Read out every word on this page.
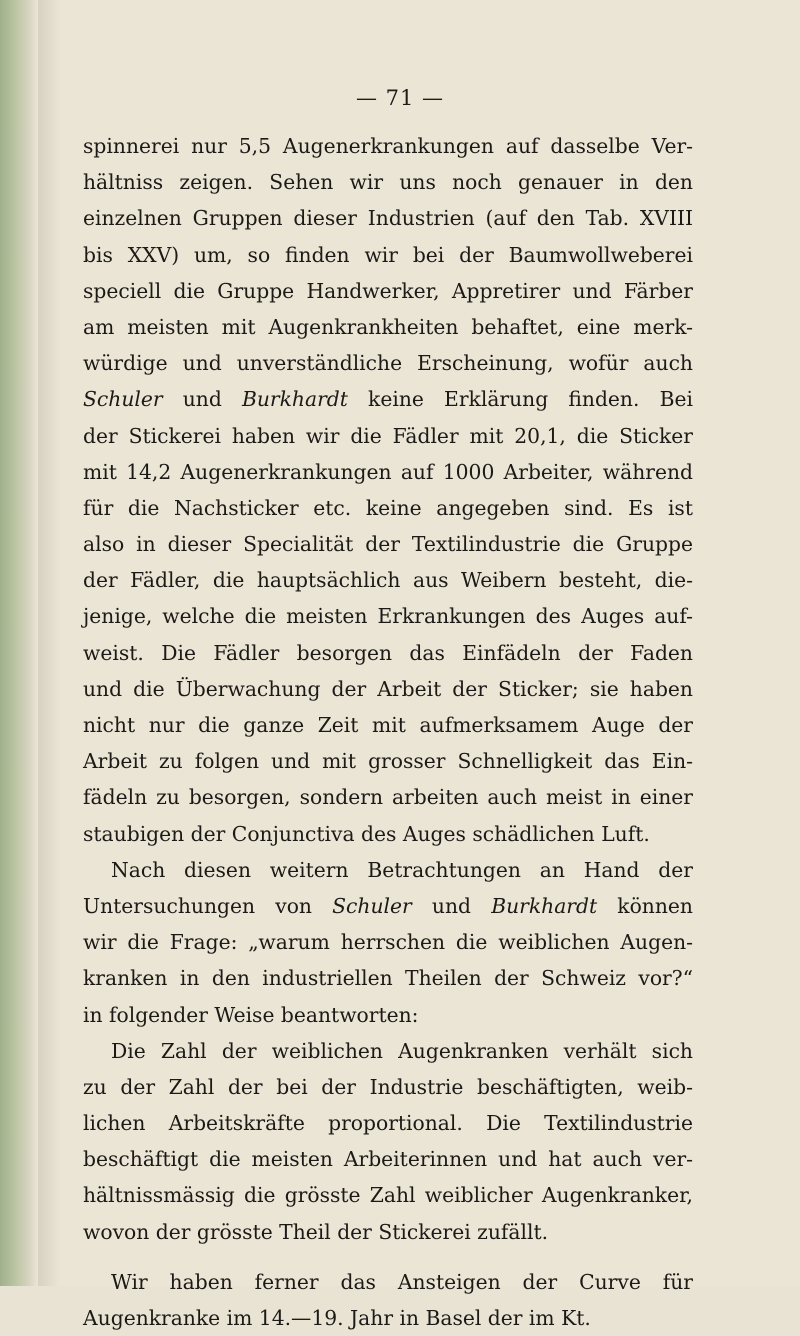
— 71 —
spinnerei nur 5,5 Augenerkrankungen auf dasselbe Ver-
hältniss zeigen. Sehen wir uns noch genauer in den
einzelnen Gruppen dieser Industrien (auf den Tab. XVIII
bis XXV) um, so finden wir bei der Baumwollweberei
speciell die Gruppe Handwerker, Appretirer und Färber
am meisten mit Augenkrankheiten behaftet, eine merk-
würdige und unverständliche Erscheinung, wofür auch
Schuler und Burkhardt keine Erklärung finden. Bei
der Stickerei haben wir die Fädler mit 20,1, die Sticker
mit 14,2 Augenerkrankungen auf 1000 Arbeiter, während
für die Nachsticker etc. keine angegeben sind. Es ist
also in dieser Specialität der Textilindustrie die Gruppe
der Fädler, die hauptsächlich aus Weibern besteht, die-
jenige, welche die meisten Erkrankungen des Auges auf-
weist. Die Fädler besorgen das Einfädeln der Faden
und die Überwachung der Arbeit der Sticker; sie haben
nicht nur die ganze Zeit mit aufmerksamem Auge der
Arbeit zu folgen und mit grosser Schnelligkeit das Ein-
fädeln zu besorgen, sondern arbeiten auch meist in einer
staubigen der Conjunctiva des Auges schädlichen Luft.
Nach diesen weitern Betrachtungen an Hand der
Untersuchungen von Schuler und Burkhardt können
wir die Frage: „warum herrschen die weiblichen Augen-
kranken in den industriellen Theilen der Schweiz vor?“
in folgender Weise beantworten:
Die Zahl der weiblichen Augenkranken verhält sich
zu der Zahl der bei der Industrie beschäftigten, weib-
lichen Arbeitskräfte proportional. Die Textilindustrie
beschäftigt die meisten Arbeiterinnen und hat auch ver-
hältnissmässig die grösste Zahl weiblicher Augenkranker,
wovon der grösste Theil der Stickerei zufällt.
Wir haben ferner das Ansteigen der Curve für
Augenkranke im 14.—19. Jahr in Basel der im Kt.
